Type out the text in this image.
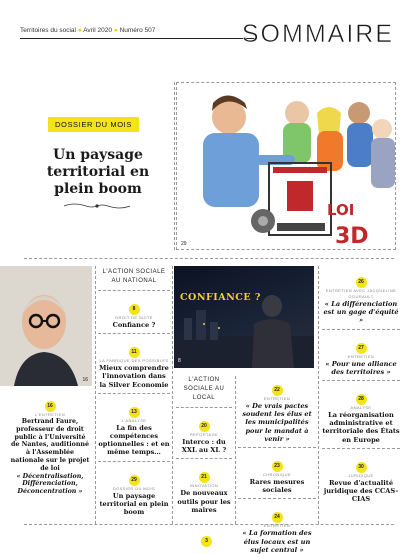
Territoires du social ● Avril 2020 ● Numéro 507	SOMMAIRE
DOSSIER DU MOIS
Un paysage territorial en plein boom
LOI
3D
29
16
16
L'ENTRETIEN
Bertrand Faure, professeur de droit public à l'Université de Nantes, auditionné à l'Assemblée nationale sur le projet de loi
« Décentralisation, Différenciation, Déconcentration »
L'ACTION SOCIALE AU NATIONAL
8
DROIT DE SUITE
Confiance ?
11
LA FABRIQUE DES POSSIBLES
Mieux comprendre l'innovation dans la Silver Economie
13
L'ANALYSE
La fin des compétences optionnelles : et en même temps…
29
DOSSIER DU MOIS
Un paysage territorial en plein boom
CONFIANCE ?
8
L'ACTION SOCIALE AU LOCAL
20
REPORTAGE
Interco : du XXL au XL ?
21
INNOVATION
De nouveaux outils pour les maires
22
ENTRETIEN
« De vrais pactes soudent les élus et les municipalités pour le mandat à venir »
23
CHRONIQUE
Rares mesures sociales
24
ENTRETIEN
« La formation des élus locaux est un sujet central »
26
ENTRETIEN AVEC JACQUELINE GOURAULT
« La différenciation est un gage d'équité »
27
ENTRETIEN
« Pour une alliance des territoires »
28
ANALYSE
La réorganisation administrative et territoriale des États en Europe
30
JURIDIQUE
Revue d'actualité juridique des CCAS-CIAS
3
